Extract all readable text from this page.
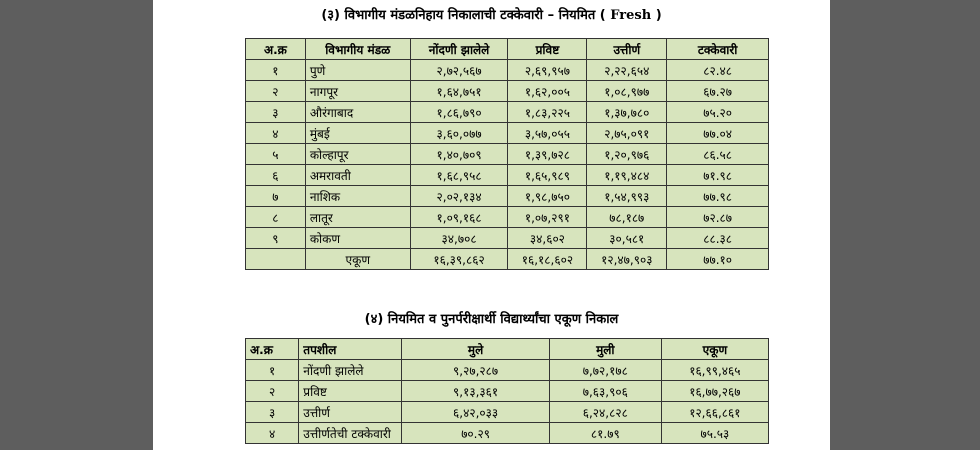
(३) विभागीय मंडळनिहाय निकालाची टक्केवारी – नियमित ( Fresh )
अ.क्र	विभागीय मंडळ	नोंदणी झालेले	प्रविष्ट	उत्तीर्ण	टक्केवारी
१	पुणे	२,७२,५६७	२,६९,९५७	२,२२,६५४	८२.४८
२	नागपूर	१,६४,७५१	१,६२,००५	१,०८,९७७	६७.२७
३	औरंगाबाद	१,८६,७९०	१,८३,२२५	१,३७,७८०	७५.२०
४	मुंबई	३,६०,०७७	३,५७,०५५	२,७५,०९१	७७.०४
५	कोल्हापूर	१,४०,७०९	१,३९,७२८	१,२०,९७६	८६.५८
६	अमरावती	१,६८,९५८	१,६५,९८९	१,१९,४८४	७१.९८
७	नाशिक	२,०२,१३४	१,९८,७५०	१,५४,९९३	७७.९८
८	लातूर	१,०९,१६८	१,०७,२९१	७८,१८७	७२.८७
९	कोकण	३४,७०८	३४,६०२	३०,५८१	८८.३८
	एकूण	१६,३९,८६२	१६,१८,६०२	१२,४७,९०३	७७.१०
(४) नियमित व पुनर्परीक्षार्थी विद्यार्थ्यांचा एकूण निकाल
अ.क्र	तपशील	मुले	मुली	एकूण
१	नोंदणी झालेले	९,२७,२८७	७,७२,१७८	१६,९९,४६५
२	प्रविष्ट	९,१३,३६१	७,६३,९०६	१६,७७,२६७
३	उत्तीर्ण	६,४२,०३३	६,२४,८२८	१२,६६,८६१
४	उत्तीर्णतेची टक्केवारी	७०.२९	८१.७९	७५.५३
